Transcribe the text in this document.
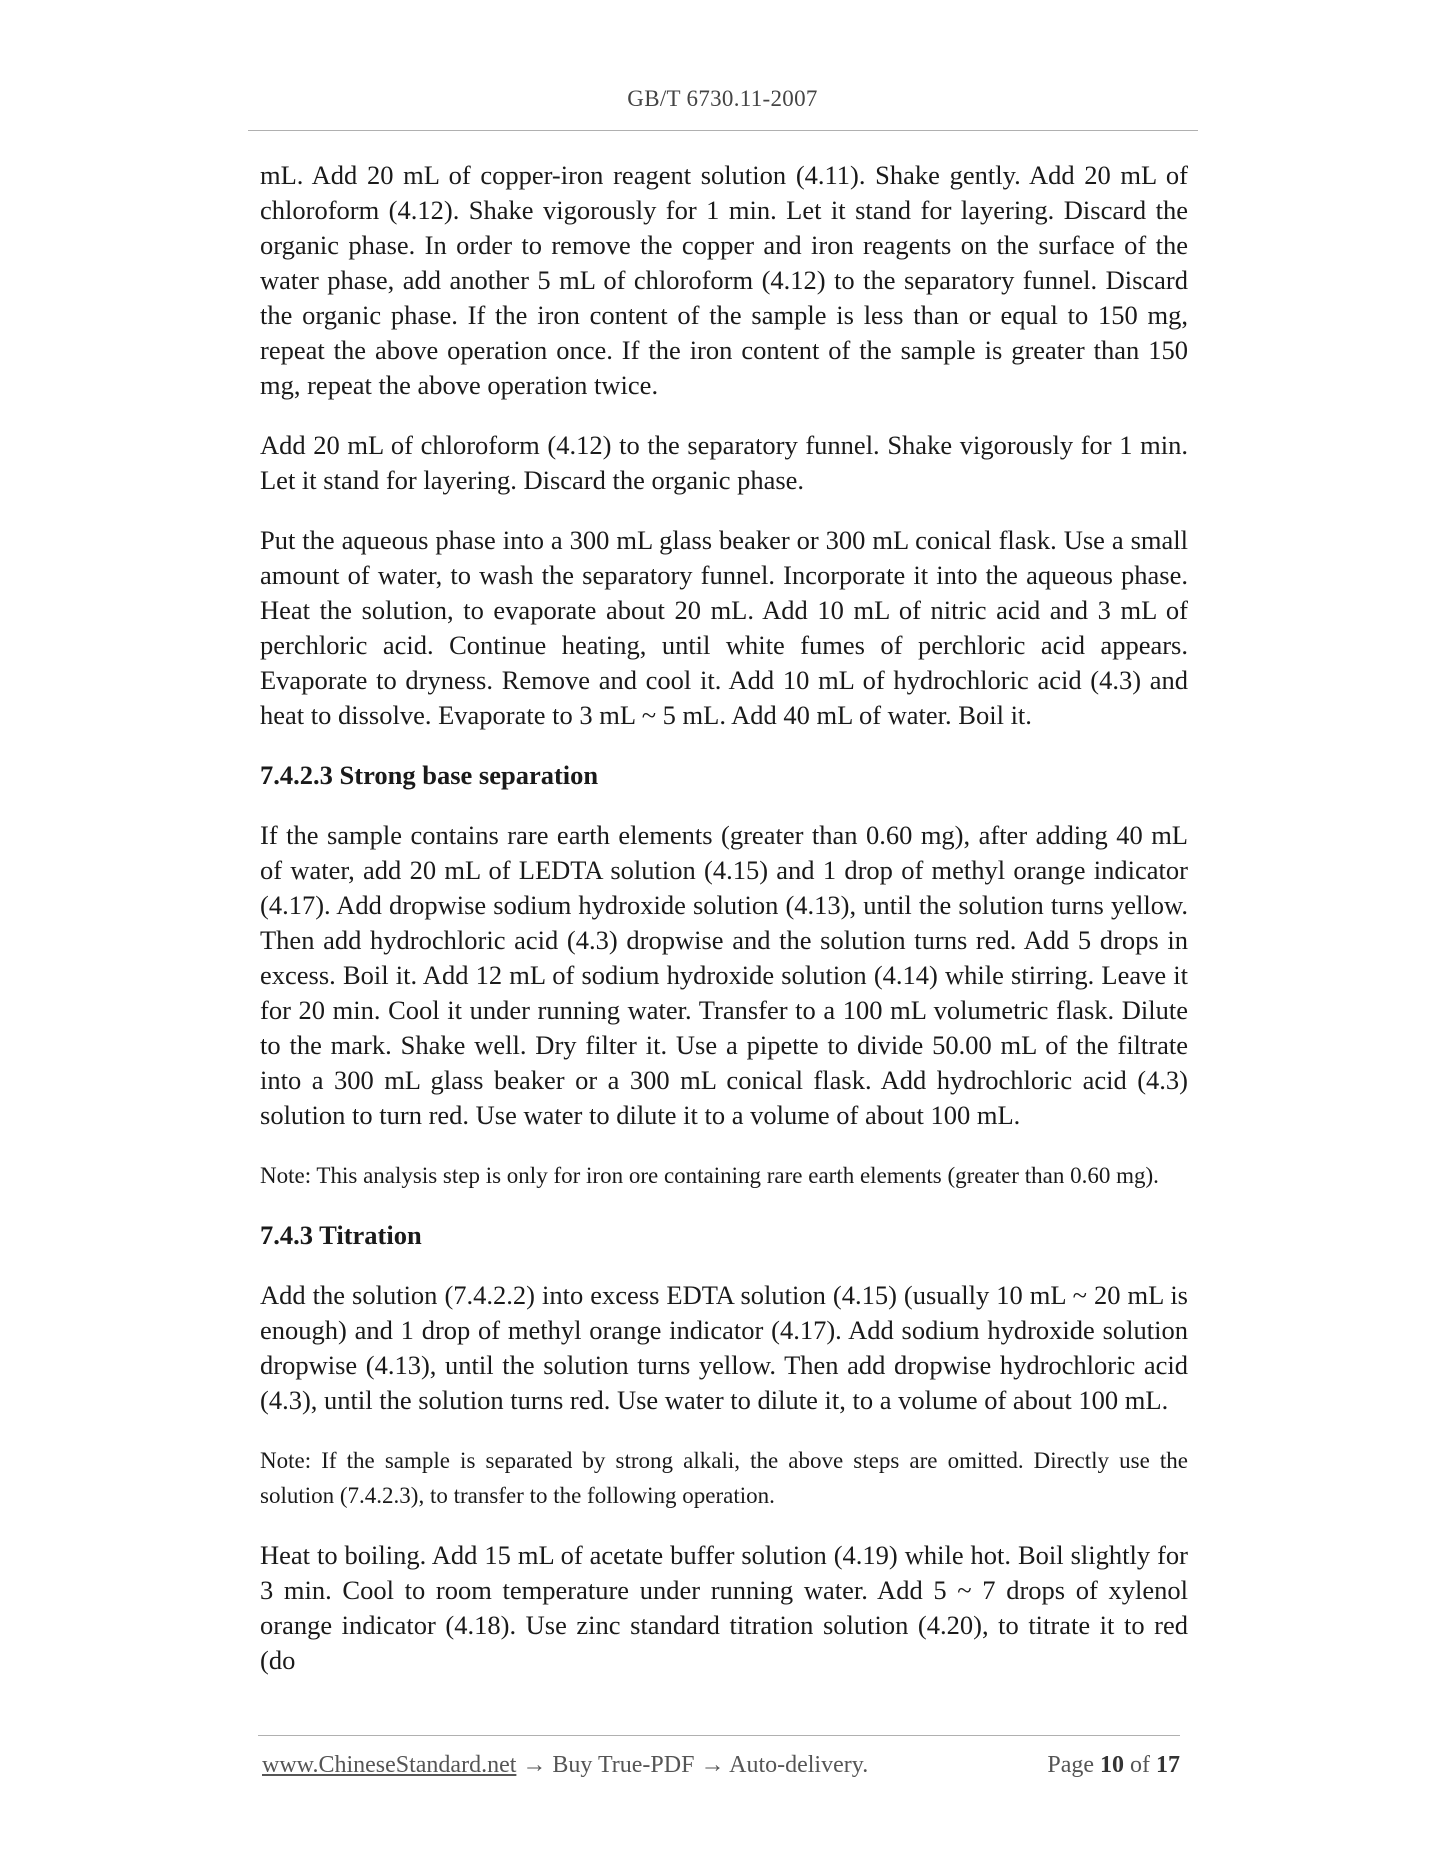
GB/T 6730.11-2007

mL. Add 20 mL of copper-iron reagent solution (4.11). Shake gently. Add 20 mL of chloroform (4.12). Shake vigorously for 1 min. Let it stand for layering. Discard the organic phase. In order to remove the copper and iron reagents on the surface of the water phase, add another 5 mL of chloroform (4.12) to the separatory funnel. Discard the organic phase. If the iron content of the sample is less than or equal to 150 mg, repeat the above operation once. If the iron content of the sample is greater than 150 mg, repeat the above operation twice.

Add 20 mL of chloroform (4.12) to the separatory funnel. Shake vigorously for 1 min. Let it stand for layering. Discard the organic phase.

Put the aqueous phase into a 300 mL glass beaker or 300 mL conical flask. Use a small amount of water, to wash the separatory funnel. Incorporate it into the aqueous phase. Heat the solution, to evaporate about 20 mL. Add 10 mL of nitric acid and 3 mL of perchloric acid. Continue heating, until white fumes of perchloric acid appears. Evaporate to dryness. Remove and cool it. Add 10 mL of hydrochloric acid (4.3) and heat to dissolve. Evaporate to 3 mL ~ 5 mL. Add 40 mL of water. Boil it.

7.4.2.3 Strong base separation

If the sample contains rare earth elements (greater than 0.60 mg), after adding 40 mL of water, add 20 mL of LEDTA solution (4.15) and 1 drop of methyl orange indicator (4.17). Add dropwise sodium hydroxide solution (4.13), until the solution turns yellow. Then add hydrochloric acid (4.3) dropwise and the solution turns red. Add 5 drops in excess. Boil it. Add 12 mL of sodium hydroxide solution (4.14) while stirring. Leave it for 20 min. Cool it under running water. Transfer to a 100 mL volumetric flask. Dilute to the mark. Shake well. Dry filter it. Use a pipette to divide 50.00 mL of the filtrate into a 300 mL glass beaker or a 300 mL conical flask. Add hydrochloric acid (4.3) solution to turn red. Use water to dilute it to a volume of about 100 mL.

Note: This analysis step is only for iron ore containing rare earth elements (greater than 0.60 mg).

7.4.3 Titration

Add the solution (7.4.2.2) into excess EDTA solution (4.15) (usually 10 mL ~ 20 mL is enough) and 1 drop of methyl orange indicator (4.17). Add sodium hydroxide solution dropwise (4.13), until the solution turns yellow. Then add dropwise hydrochloric acid (4.3), until the solution turns red. Use water to dilute it, to a volume of about 100 mL.

Note: If the sample is separated by strong alkali, the above steps are omitted. Directly use the solution (7.4.2.3), to transfer to the following operation.

Heat to boiling. Add 15 mL of acetate buffer solution (4.19) while hot. Boil slightly for 3 min. Cool to room temperature under running water. Add 5 ~ 7 drops of xylenol orange indicator (4.18). Use zinc standard titration solution (4.20), to titrate it to red (do

www.ChineseStandard.net → Buy True-PDF → Auto-delivery.	Page 10 of 17
